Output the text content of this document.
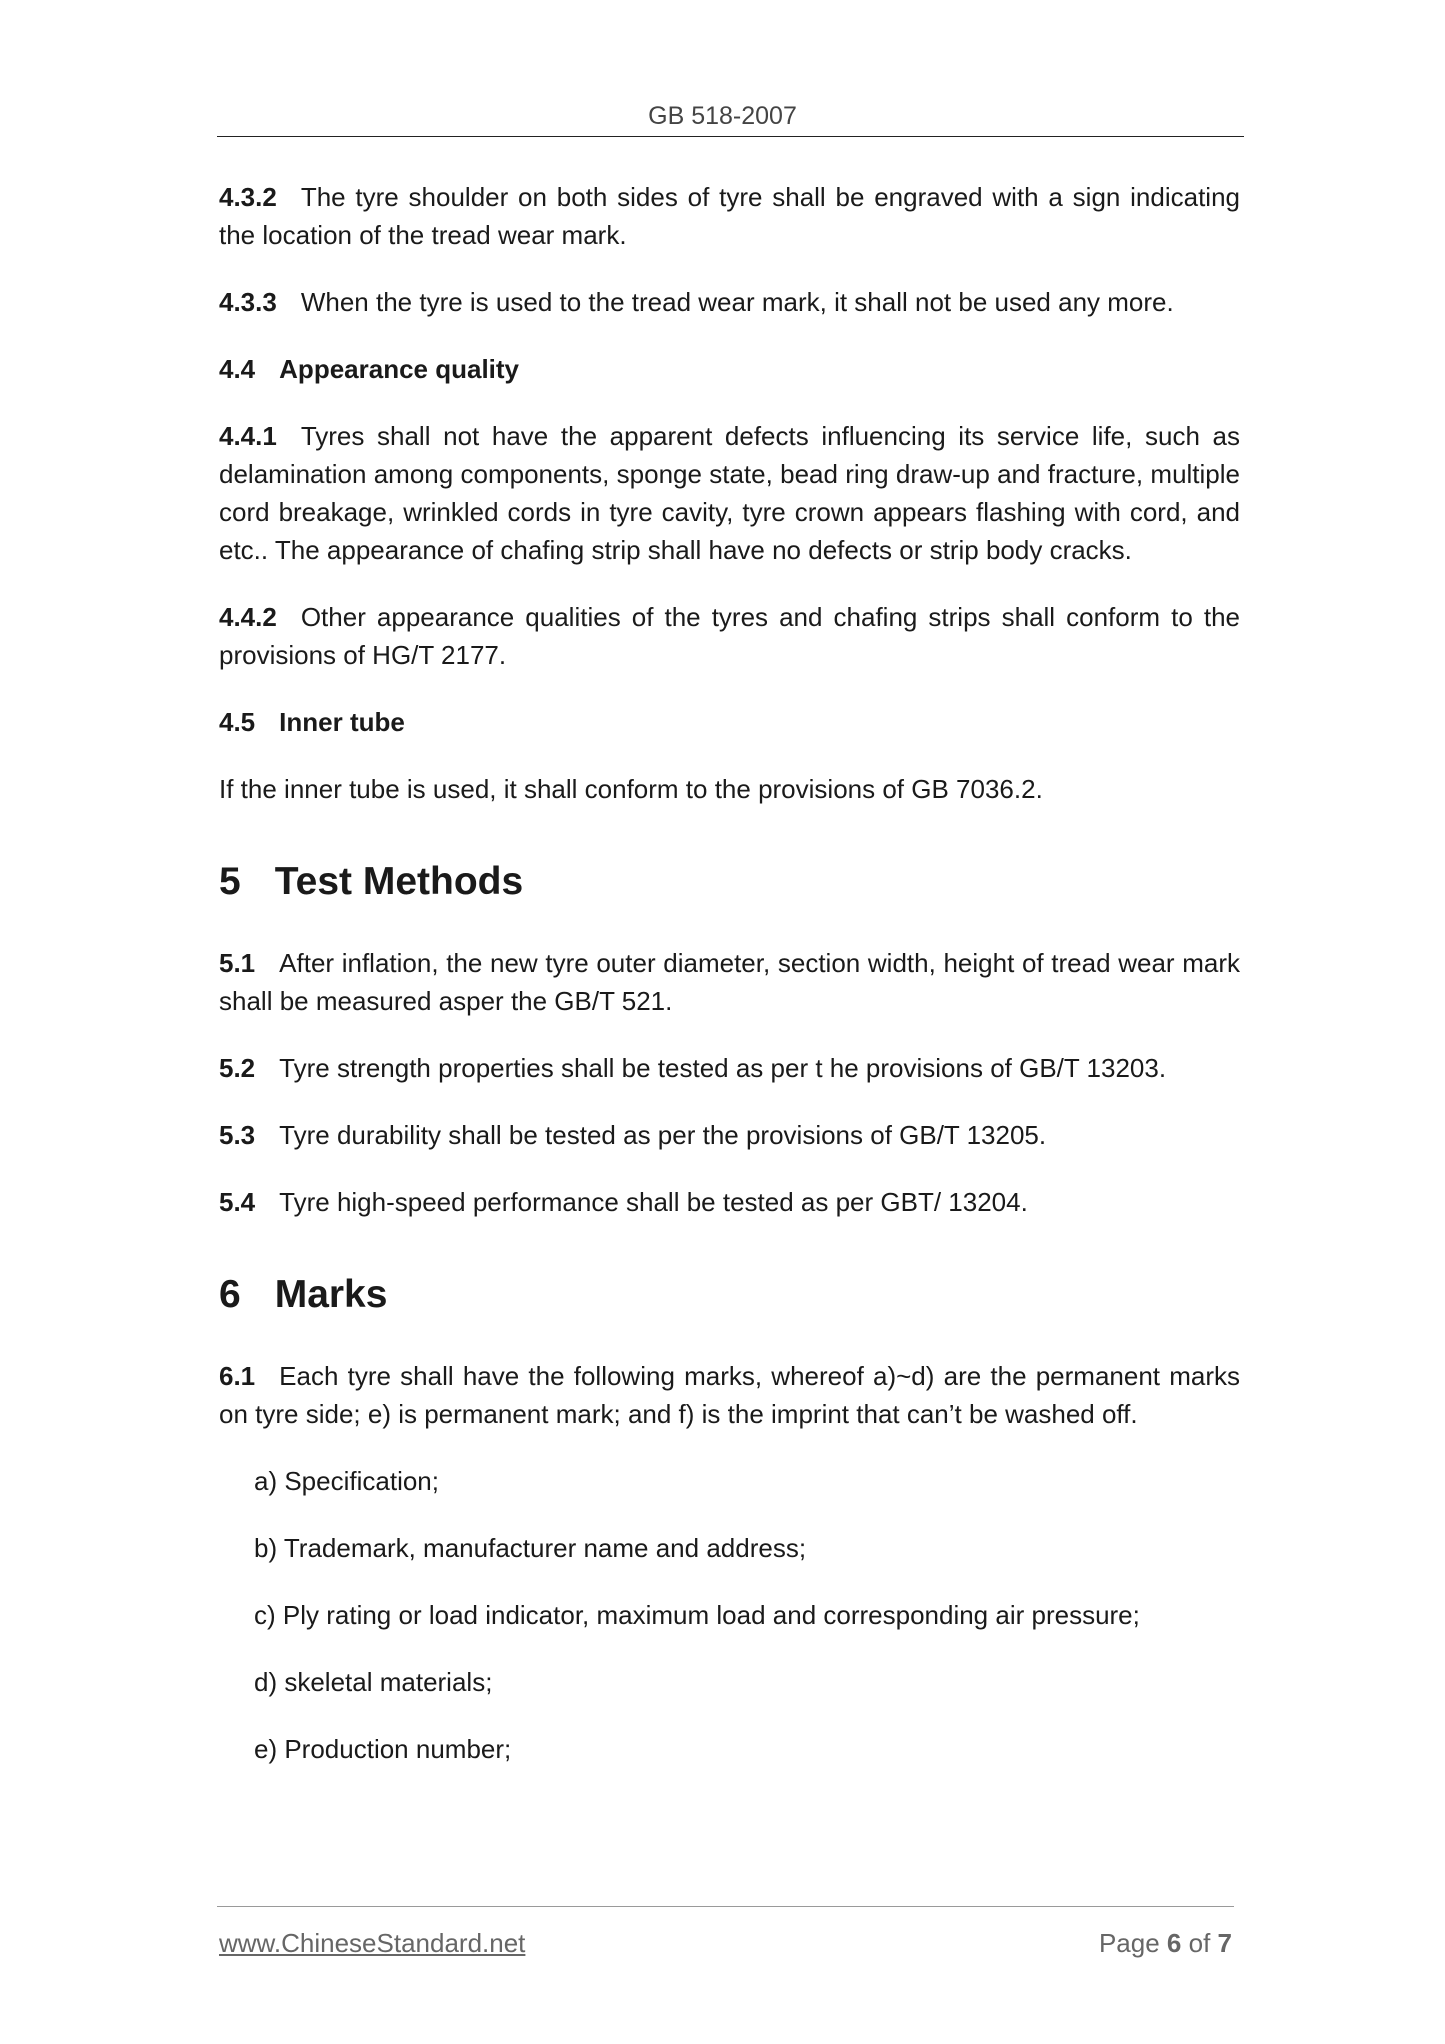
GB 518-2007

4.3.2 The tyre shoulder on both sides of tyre shall be engraved with a sign indicating the location of the tread wear mark.

4.3.3 When the tyre is used to the tread wear mark, it shall not be used any more.

4.4 Appearance quality

4.4.1 Tyres shall not have the apparent defects influencing its service life, such as delamination among components, sponge state, bead ring draw-up and fracture, multiple cord breakage, wrinkled cords in tyre cavity, tyre crown appears flashing with cord, and etc.. The appearance of chafing strip shall have no defects or strip body cracks.

4.4.2 Other appearance qualities of the tyres and chafing strips shall conform to the provisions of HG/T 2177.

4.5 Inner tube

If the inner tube is used, it shall conform to the provisions of GB 7036.2.

5 Test Methods

5.1 After inflation, the new tyre outer diameter, section width, height of tread wear mark shall be measured asper the GB/T 521.

5.2 Tyre strength properties shall be tested as per t he provisions of GB/T 13203.

5.3 Tyre durability shall be tested as per the provisions of GB/T 13205.

5.4 Tyre high-speed performance shall be tested as per GBT/ 13204.

6 Marks

6.1 Each tyre shall have the following marks, whereof a)~d) are the permanent marks on tyre side; e) is permanent mark; and f) is the imprint that can’t be washed off.

a) Specification;
b) Trademark, manufacturer name and address;
c) Ply rating or load indicator, maximum load and corresponding air pressure;
d) skeletal materials;
e) Production number;
www.ChineseStandard.net	Page 6 of 7
